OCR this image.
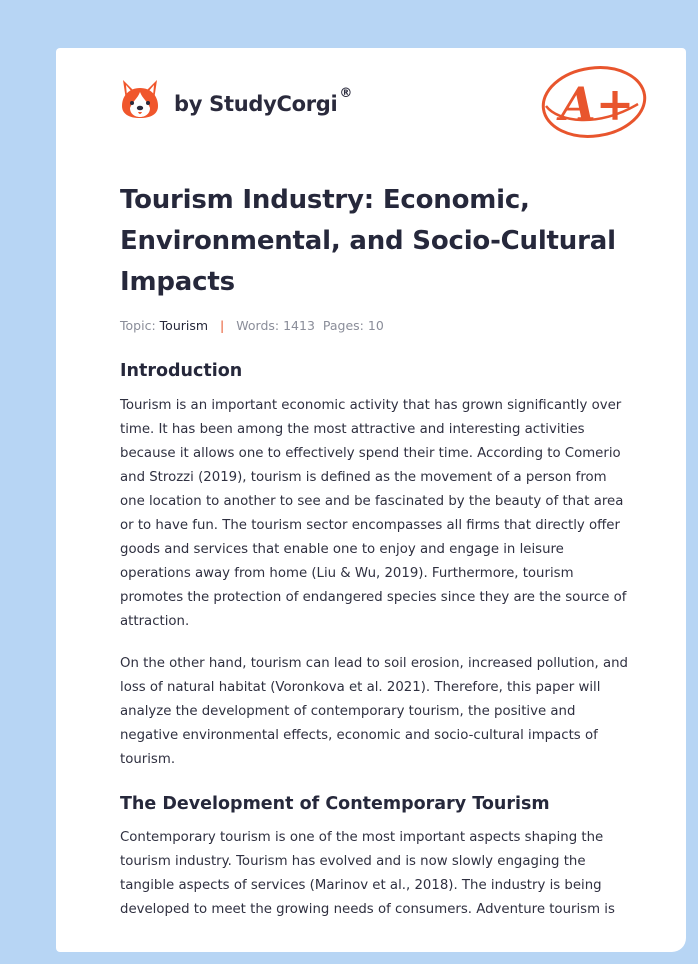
by StudyCorgi ®	A+
Tourism Industry: Economic, Environmental, and Socio-Cultural Impacts
Topic: Tourism | Words: 1413 Pages: 10
Introduction

Tourism is an important economic activity that has grown significantly over time. It has been among the most attractive and interesting activities because it allows one to effectively spend their time. According to Comerio and Strozzi (2019), tourism is defined as the movement of a person from one location to another to see and be fascinated by the beauty of that area or to have fun. The tourism sector encompasses all firms that directly offer goods and services that enable one to enjoy and engage in leisure operations away from home (Liu & Wu, 2019). Furthermore, tourism promotes the protection of endangered species since they are the source of attraction.

On the other hand, tourism can lead to soil erosion, increased pollution, and loss of natural habitat (Voronkova et al. 2021). Therefore, this paper will analyze the development of contemporary tourism, the positive and negative environmental effects, economic and socio-cultural impacts of tourism.

The Development of Contemporary Tourism

Contemporary tourism is one of the most important aspects shaping the tourism industry. Tourism has evolved and is now slowly engaging the tangible aspects of services (Marinov et al., 2018). The industry is being developed to meet the growing needs of consumers. Adventure tourism is
